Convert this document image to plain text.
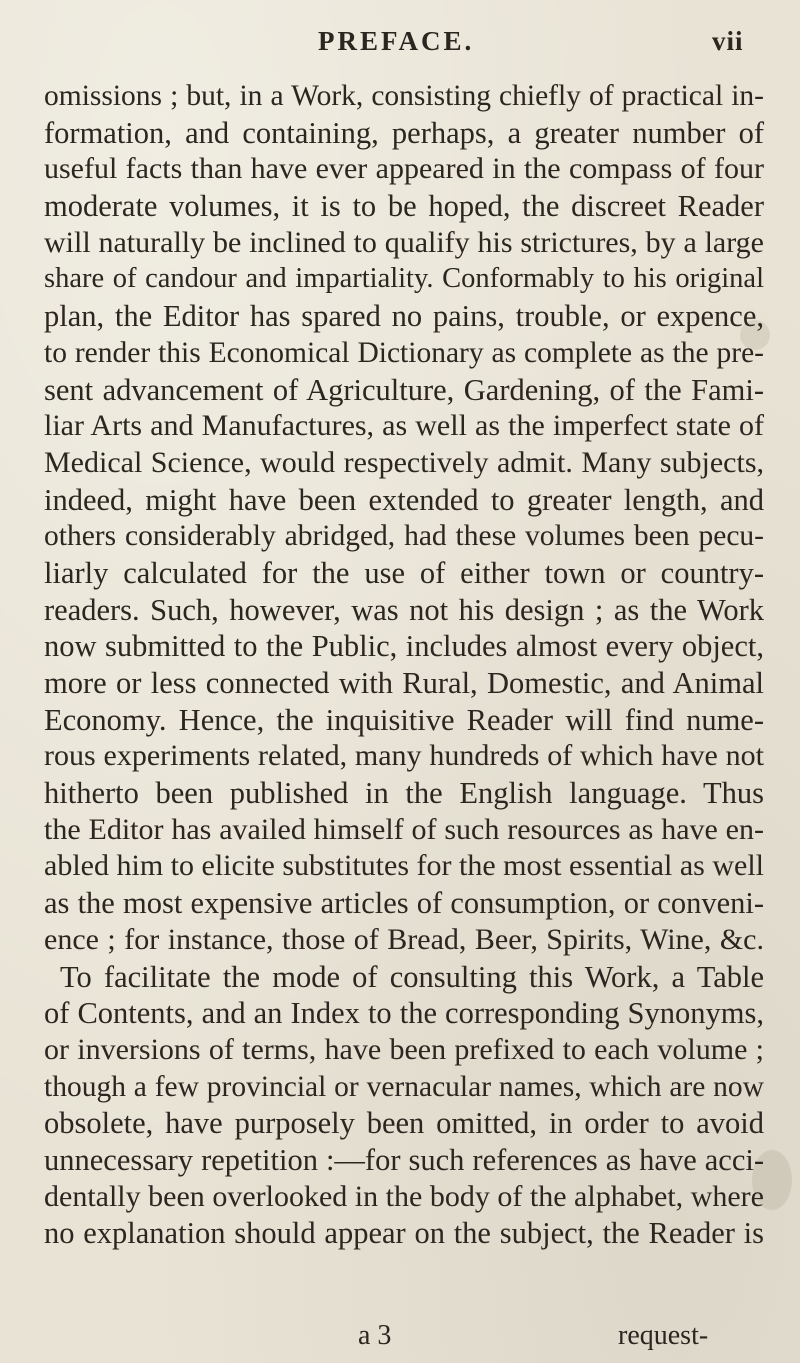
PREFACE.	vii
omissions ; but, in a Work, consisting chiefly of practical in-
formation, and containing, perhaps, a greater number of
useful facts than have ever appeared in the compass of four
moderate volumes, it is to be hoped, the discreet Reader
will naturally be inclined to qualify his strictures, by a large
share of candour and impartiality. Conformably to his original
plan, the Editor has spared no pains, trouble, or expence,
to render this Economical Dictionary as complete as the pre-
sent advancement of Agriculture, Gardening, of the Fami-
liar Arts and Manufactures, as well as the imperfect state of
Medical Science, would respectively admit. Many subjects,
indeed, might have been extended to greater length, and
others considerably abridged, had these volumes been pecu-
liarly calculated for the use of either town or country-
readers. Such, however, was not his design ; as the Work
now submitted to the Public, includes almost every object,
more or less connected with Rural, Domestic, and Animal
Economy. Hence, the inquisitive Reader will find nume-
rous experiments related, many hundreds of which have not
hitherto been published in the English language. Thus
the Editor has availed himself of such resources as have en-
abled him to elicite substitutes for the most essential as well
as the most expensive articles of consumption, or conveni-
ence ; for instance, those of Bread, Beer, Spirits, Wine, &c.
To facilitate the mode of consulting this Work, a Table
of Contents, and an Index to the corresponding Synonyms,
or inversions of terms, have been prefixed to each volume ;
though a few provincial or vernacular names, which are now
obsolete, have purposely been omitted, in order to avoid
unnecessary repetition :—for such references as have acci-
dentally been overlooked in the body of the alphabet, where
no explanation should appear on the subject, the Reader is
a 3	request-
